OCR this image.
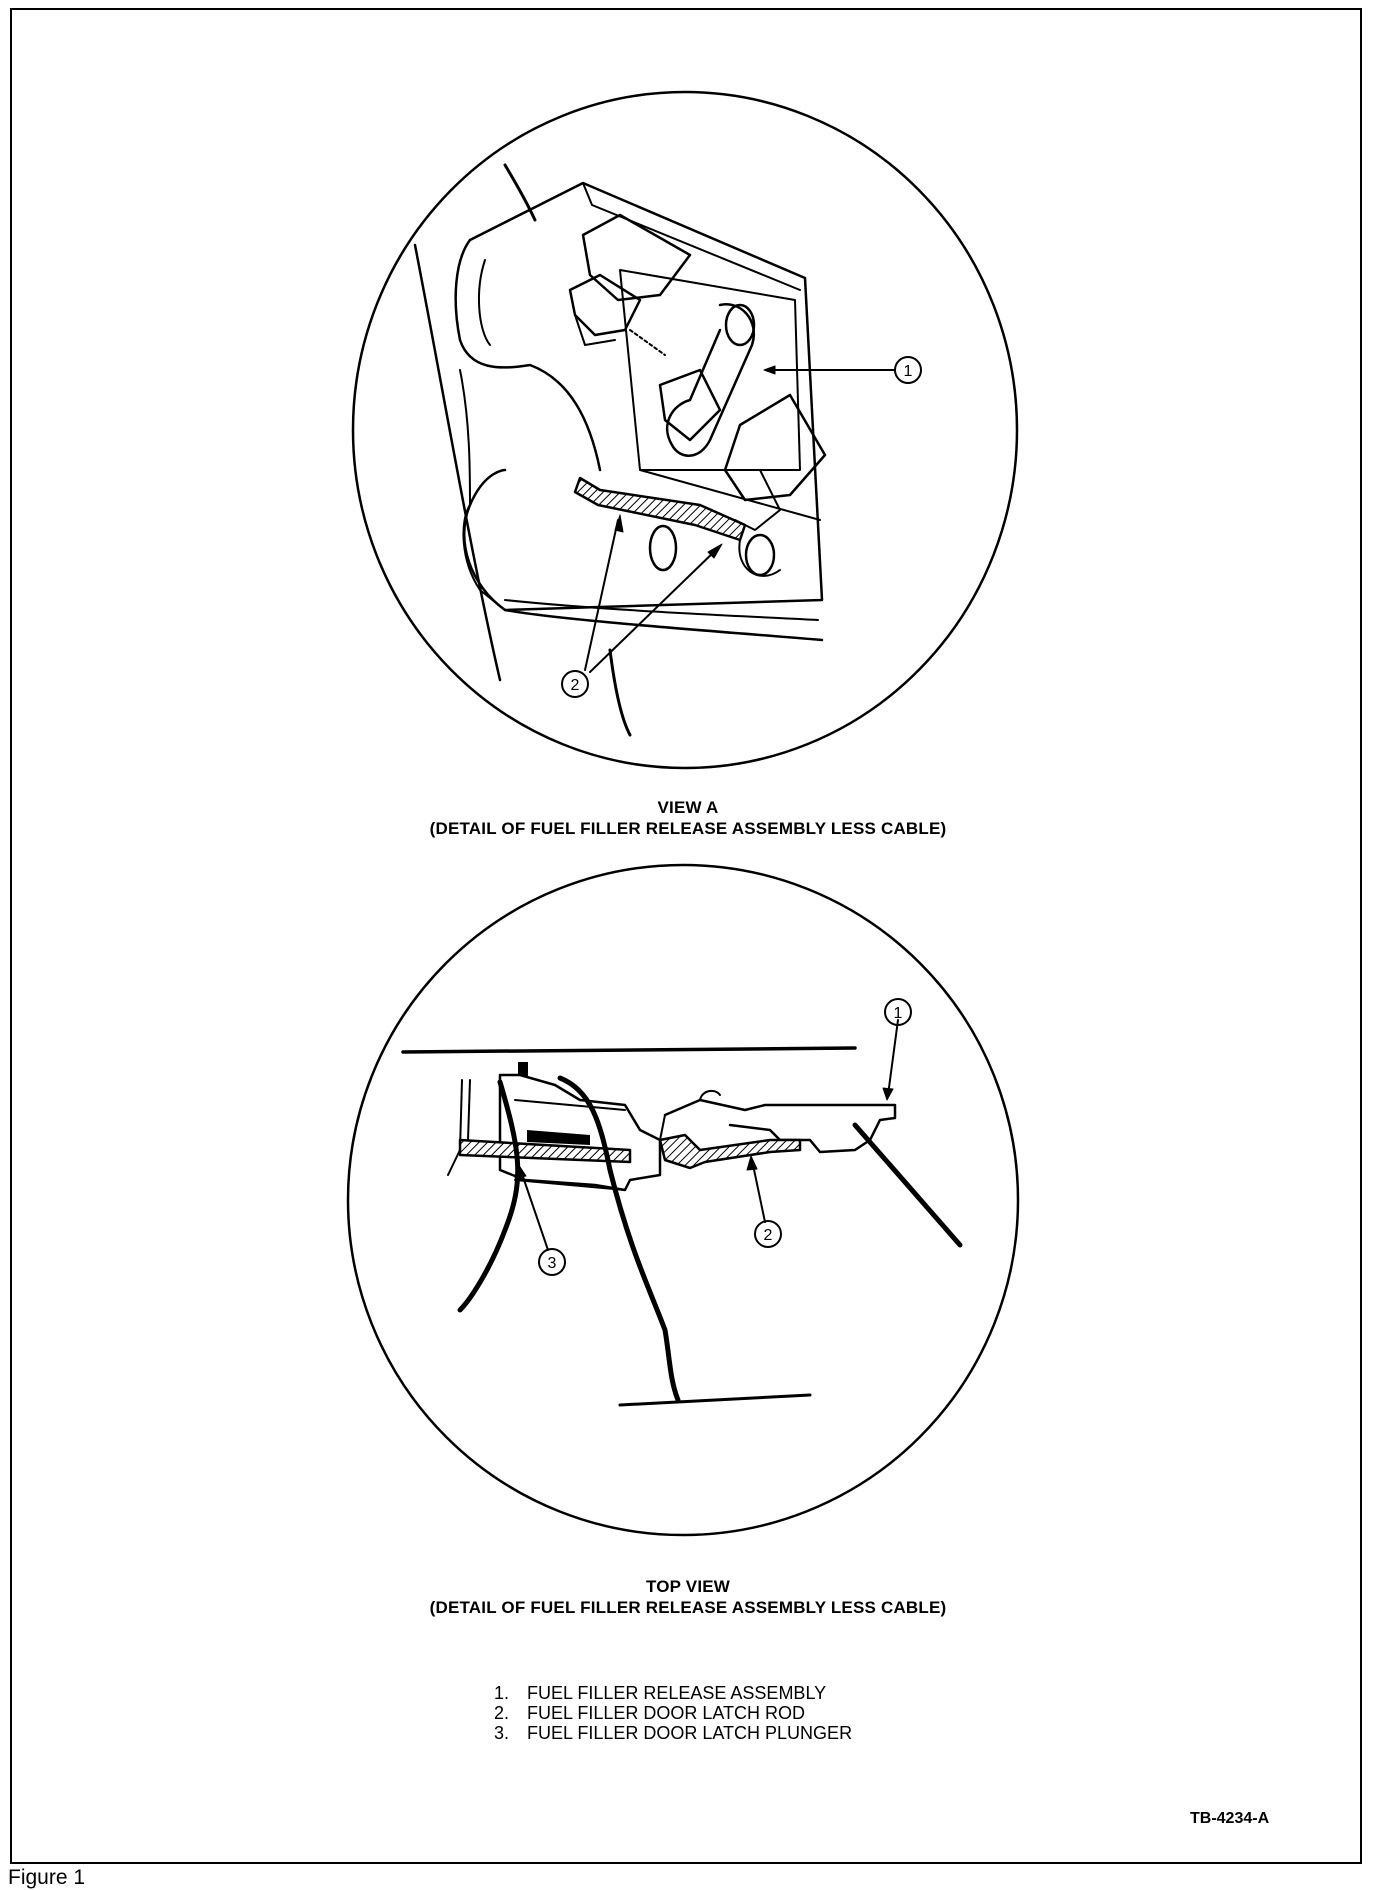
1
2
1
2
3
VIEW A
(DETAIL OF FUEL FILLER RELEASE ASSEMBLY LESS CABLE)
TOP VIEW
(DETAIL OF FUEL FILLER RELEASE ASSEMBLY LESS CABLE)
1.	FUEL FILLER RELEASE ASSEMBLY
2.	FUEL FILLER DOOR LATCH ROD
3.	FUEL FILLER DOOR LATCH PLUNGER
TB-4234-A
Figure 1
